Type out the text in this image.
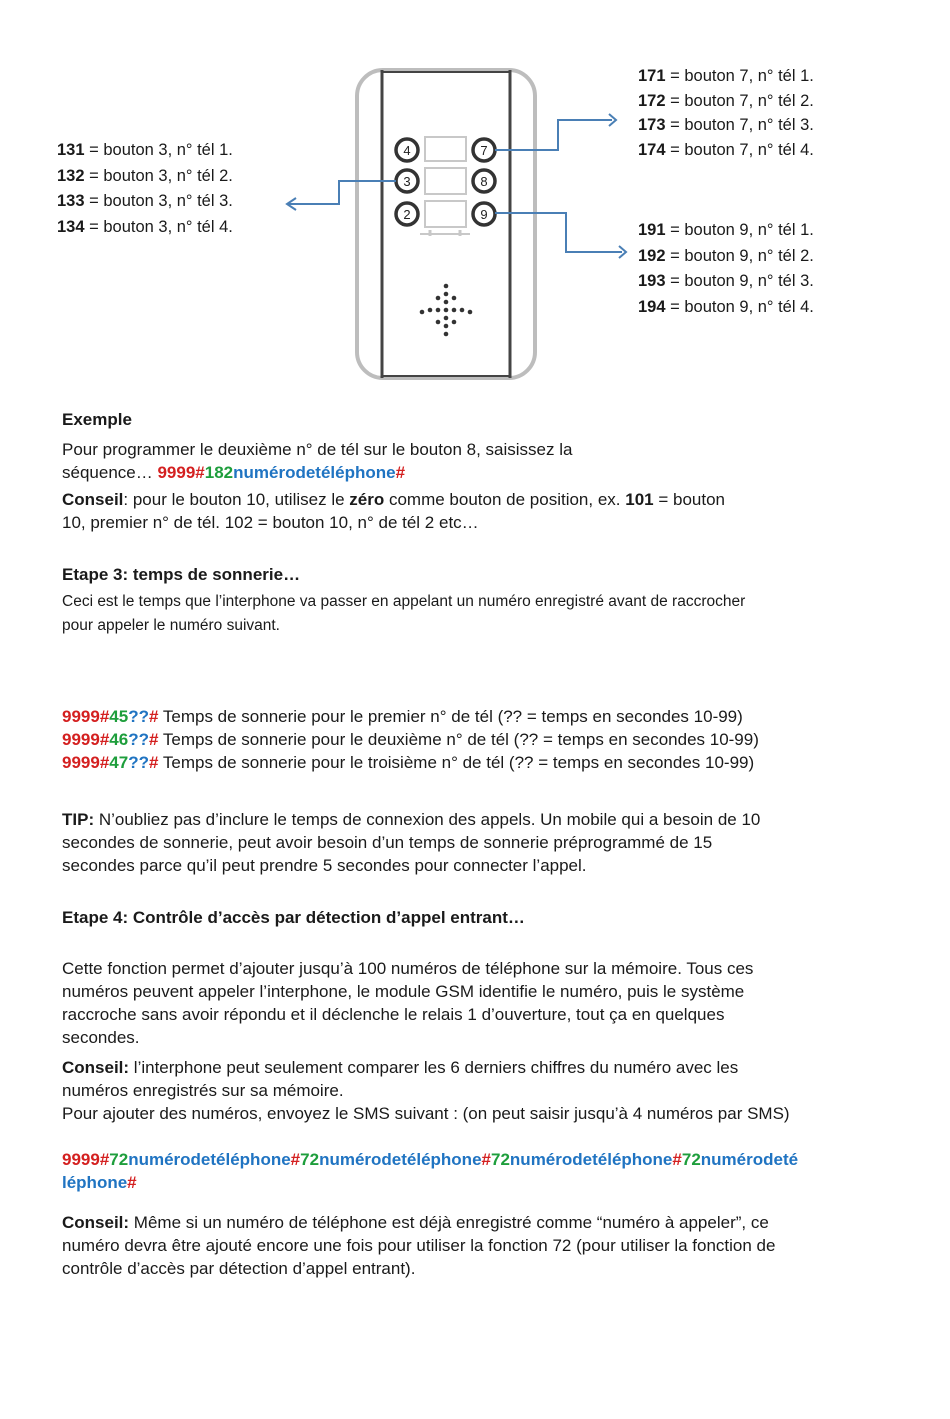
4
3
2
7
8
9
131 = bouton 3, n° tél 1.
132 = bouton 3, n° tél 2.
133 = bouton 3, n° tél 3.
134 = bouton 3, n° tél 4.
171 = bouton 7, n° tél 1.
172 = bouton 7, n° tél 2.
173 = bouton 7, n° tél 3.
174 = bouton 7, n° tél 4.
191 = bouton 9, n° tél 1.
192 = bouton 9, n° tél 2.
193 = bouton 9, n° tél 3.
194 = bouton 9, n° tél 4.
Exemple
Pour programmer le deuxième n° de tél sur le bouton 8, saisissez la
séquence… 9999#182numérodetéléphone#
Conseil: pour le bouton 10, utilisez le zéro comme bouton de position, ex. 101 = bouton
10, premier n° de tél. 102 = bouton 10, n° de tél 2 etc…
Etape 3: temps de sonnerie…
Ceci est le temps que l’interphone va passer en appelant un numéro enregistré avant de raccrocher
pour appeler le numéro suivant.
9999#45??# Temps de sonnerie pour le premier n° de tél (?? = temps en secondes 10-99)
9999#46??# Temps de sonnerie pour le deuxième n° de tél (?? = temps en secondes 10-99)
9999#47??# Temps de sonnerie pour le troisième n° de tél (?? = temps en secondes 10-99)
TIP: N’oubliez pas d’inclure le temps de connexion des appels. Un mobile qui a besoin de 10
secondes de sonnerie, peut avoir besoin d’un temps de sonnerie préprogrammé de 15
secondes parce qu’il peut prendre 5 secondes pour connecter l’appel.
Etape 4: Contrôle d’accès par détection d’appel entrant…
Cette fonction permet d’ajouter jusqu’à 100 numéros de téléphone sur la mémoire. Tous ces
numéros peuvent appeler l’interphone, le module GSM identifie le numéro, puis le système
raccroche sans avoir répondu et il déclenche le relais 1 d’ouverture, tout ça en quelques
secondes.
Conseil: l’interphone peut seulement comparer les 6 derniers chiffres du numéro avec les
numéros enregistrés sur sa mémoire.
Pour ajouter des numéros, envoyez le SMS suivant : (on peut saisir jusqu’à 4 numéros par SMS)
9999#72numérodetéléphone#72numérodetéléphone#72numérodetéléphone#72numérodeté
léphone#
Conseil: Même si un numéro de téléphone est déjà enregistré comme “numéro à appeler”, ce
numéro devra être ajouté encore une fois pour utiliser la fonction 72 (pour utiliser la fonction de
contrôle d’accès par détection d’appel entrant).
